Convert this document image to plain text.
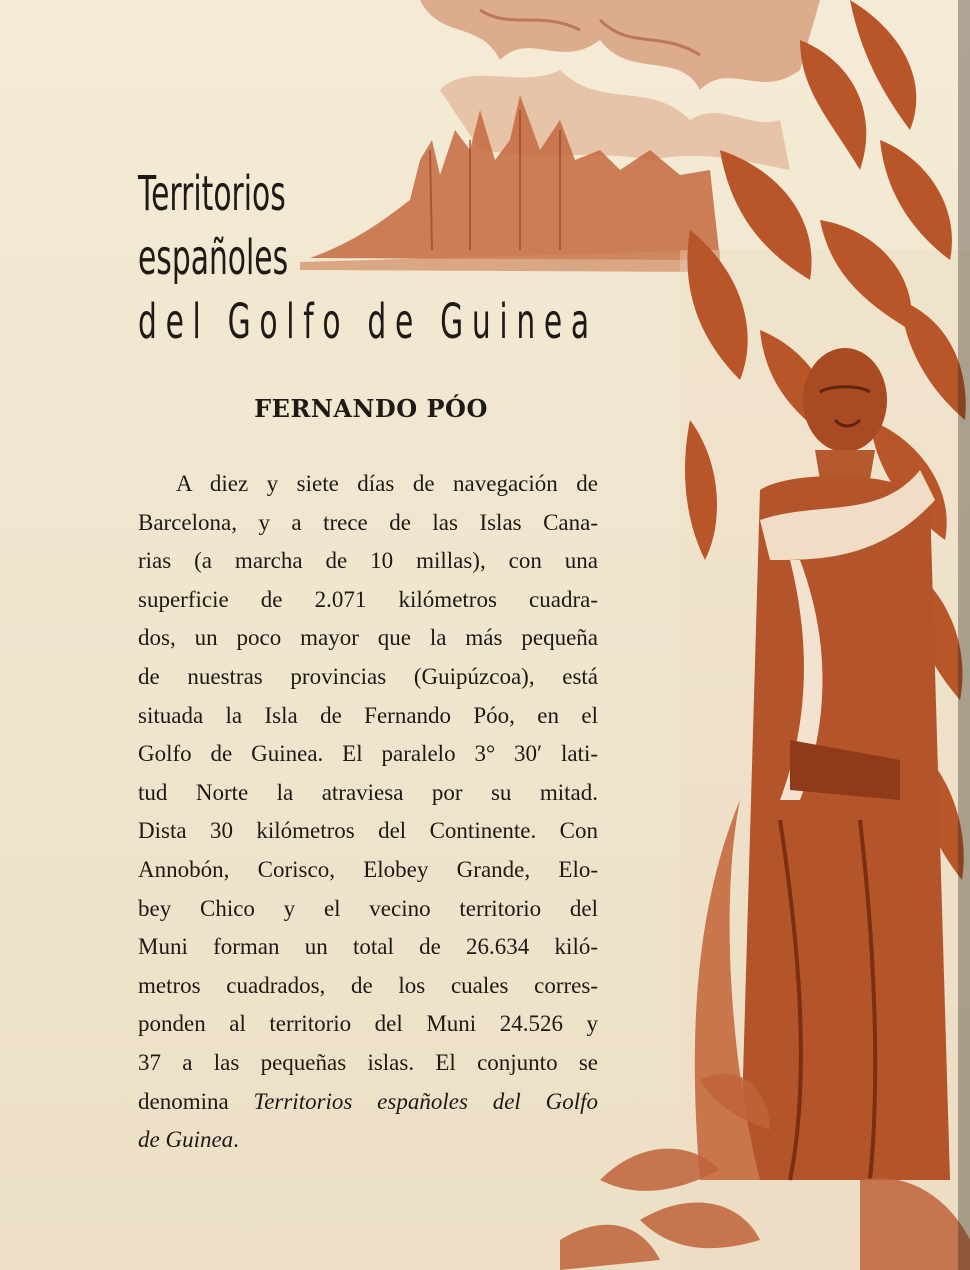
Territorios
españoles
del Golfo de Guinea
FERNANDO PÓO
A diez y siete días de navegación de
Barcelona, y a trece de las Islas Cana-
rias (a marcha de 10 millas), con una
superficie de 2.071 kilómetros cuadra-
dos, un poco mayor que la más pequeña
de nuestras provincias (Guipúzcoa), está
situada la Isla de Fernando Póo, en el
Golfo de Guinea. El paralelo 3° 30′ lati-
tud Norte la atraviesa por su mitad.
Dista 30 kilómetros del Continente. Con
Annobón, Corisco, Elobey Grande, Elo-
bey Chico y el vecino territorio del
Muni forman un total de 26.634 kiló-
metros cuadrados, de los cuales corres-
ponden al territorio del Muni 24.526 y
37 a las pequeñas islas. El conjunto se
denomina Territorios españoles del Golfo
de Guinea.
